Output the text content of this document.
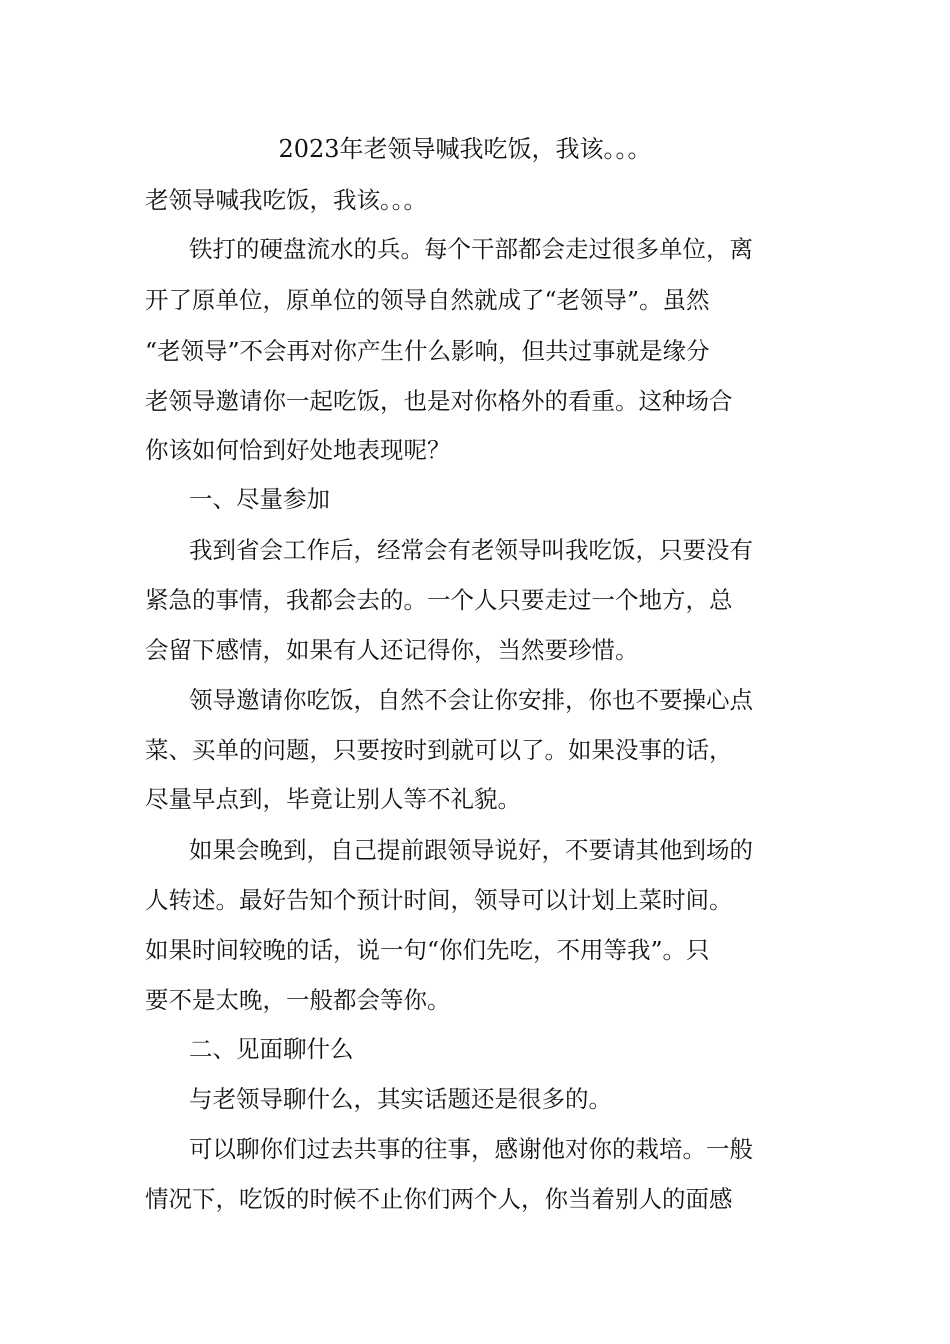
2023年老领导喊我吃饭，我该。。。
老领导喊我吃饭，我该。。。
铁打的硬盘流水的兵。每个干部都会走过很多单位，离
开了原单位，原单位的领导自然就成了“老领导”。虽然
“老领导”不会再对你产生什么影响，但共过事就是缘分
老领导邀请你一起吃饭，也是对你格外的看重。这种场合
你该如何恰到好处地表现呢？
一、尽量参加
我到省会工作后，经常会有老领导叫我吃饭，只要没有
紧急的事情，我都会去的。一个人只要走过一个地方，总
会留下感情，如果有人还记得你，当然要珍惜。
领导邀请你吃饭，自然不会让你安排，你也不要操心点
菜、买单的问题，只要按时到就可以了。如果没事的话，
尽量早点到，毕竟让别人等不礼貌。
如果会晚到，自己提前跟领导说好，不要请其他到场的
人转述。最好告知个预计时间，领导可以计划上菜时间。
如果时间较晚的话，说一句“你们先吃，不用等我”。只
要不是太晚，一般都会等你。
二、见面聊什么
与老领导聊什么，其实话题还是很多的。
可以聊你们过去共事的往事，感谢他对你的栽培。一般
情况下，吃饭的时候不止你们两个人，你当着别人的面感
